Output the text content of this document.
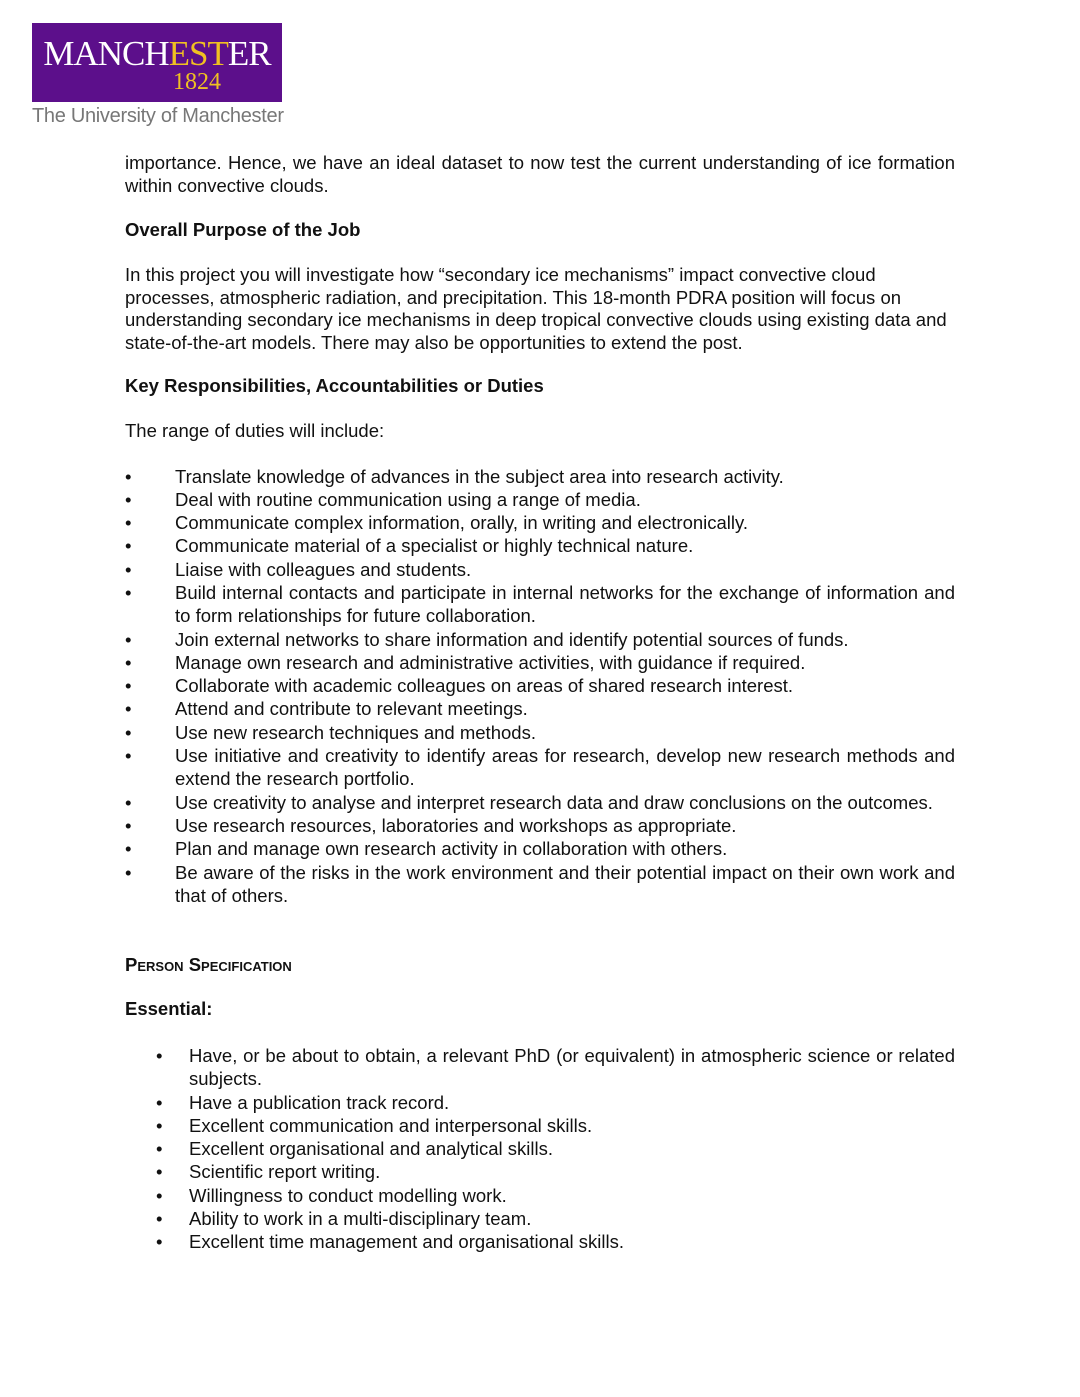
MANCHESTER
1824
The University of Manchester

importance. Hence, we have an ideal dataset to now test the current understanding of ice formation within convective clouds.

Overall Purpose of the Job

In this project you will investigate how “secondary ice mechanisms” impact convective cloud processes, atmospheric radiation, and precipitation. This 18-month PDRA position will focus on understanding secondary ice mechanisms in deep tropical convective clouds using existing data and state-of-the-art models. There may also be opportunities to extend the post.

Key Responsibilities, Accountabilities or Duties

The range of duties will include:

• Translate knowledge of advances in the subject area into research activity.
• Deal with routine communication using a range of media.
• Communicate complex information, orally, in writing and electronically.
• Communicate material of a specialist or highly technical nature.
• Liaise with colleagues and students.
• Build internal contacts and participate in internal networks for the exchange of information and to form relationships for future collaboration.
• Join external networks to share information and identify potential sources of funds.
• Manage own research and administrative activities, with guidance if required.
• Collaborate with academic colleagues on areas of shared research interest.
• Attend and contribute to relevant meetings.
• Use new research techniques and methods.
• Use initiative and creativity to identify areas for research, develop new research methods and extend the research portfolio.
• Use creativity to analyse and interpret research data and draw conclusions on the outcomes.
• Use research resources, laboratories and workshops as appropriate.
• Plan and manage own research activity in collaboration with others.
• Be aware of the risks in the work environment and their potential impact on their own work and that of others.
Person Specification
Essential:
• Have, or be about to obtain, a relevant PhD (or equivalent) in atmospheric science or related subjects.
• Have a publication track record.
• Excellent communication and interpersonal skills.
• Excellent organisational and analytical skills.
• Scientific report writing.
• Willingness to conduct modelling work.
• Ability to work in a multi-disciplinary team.
• Excellent time management and organisational skills.
